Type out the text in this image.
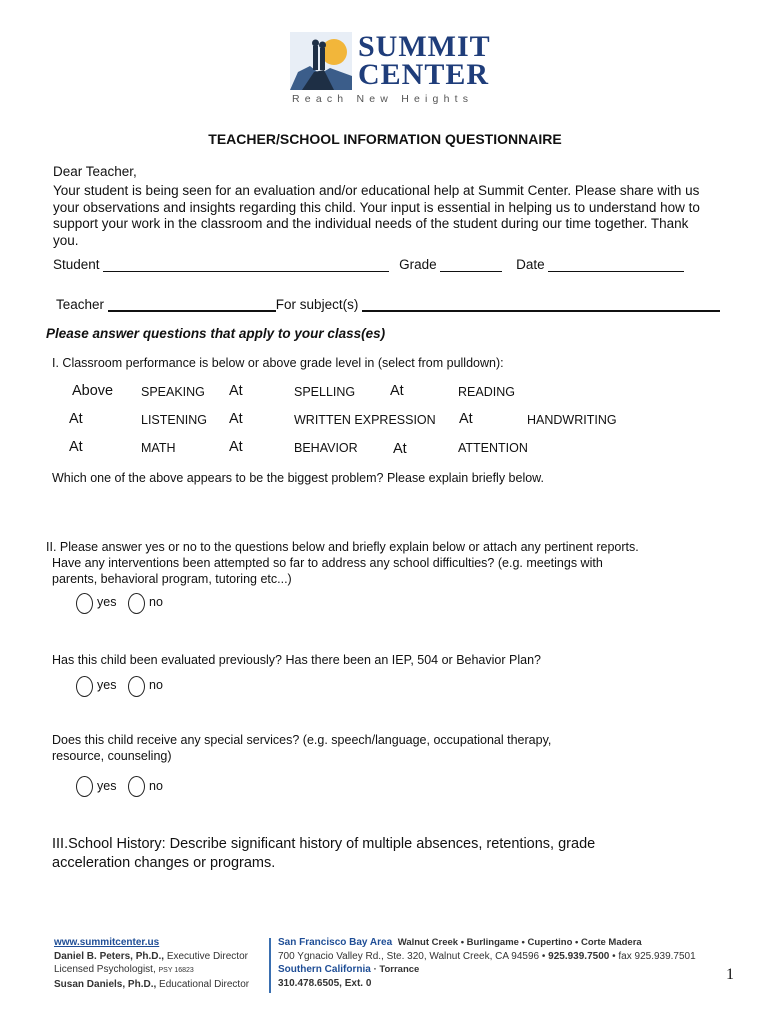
SUMMIT
CENTER
Reach New Heights
TEACHER/SCHOOL INFORMATION QUESTIONNAIRE
Dear Teacher,
Your student is being seen for an evaluation and/or educational help at Summit Center. Please share with us your observations and insights regarding this child. Your input is essential in helping us to understand how to support your work in the classroom and the individual needs of the student during our time together. Thank you.
Student	Grade	Date
Teacher	For subject(s)
Please answer questions that apply to your class(es)
I. Classroom performance is below or above grade level in (select from pulldown):
Above SPEAKING At	SPELLING At	READING
At	LISTENING At	WRITTEN EXPRESSION At	HANDWRITING
At	MATH	At	BEHAVIOR At	ATTENTION
Which one of the above appears to be the biggest problem? Please explain briefly below.
II. Please answer yes or no to the questions below and briefly explain below or attach any pertinent reports.
Have any interventions been attempted so far to address any school difficulties? (e.g. meetings with
parents, behavioral program, tutoring etc...)
yes	no
Has this child been evaluated previously? Has there been an IEP, 504 or Behavior Plan?
yes	no
Does this child receive any special services? (e.g. speech/language, occupational therapy,
resource, counseling)
yes	no
III.School History: Describe significant history of multiple absences, retentions, grade
acceleration changes or programs.
www.summitcenter.us
Daniel B. Peters, Ph.D., Executive Director
Licensed Psychologist, PSY 16823
Susan Daniels, Ph.D., Educational Director
San Francisco Bay Area Walnut Creek • Burlingame • Cupertino • Corte Madera
700 Ygnacio Valley Rd., Ste. 320, Walnut Creek, CA 94596 • 925.939.7500 • fax 925.939.7501
Southern California · Torrance
310.478.6505, Ext. 0	1
